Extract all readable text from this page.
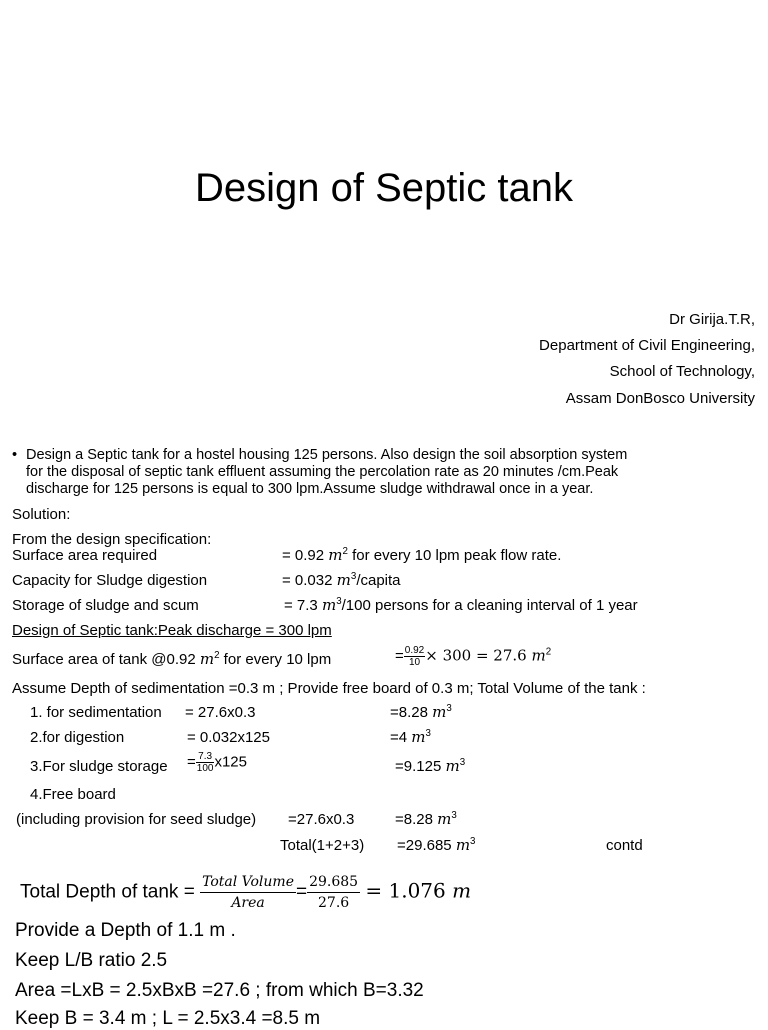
Design of Septic tank
Dr Girija.T.R,
Department of Civil Engineering,
School of Technology,
Assam DonBosco University
• Design a Septic tank for a hostel housing 125 persons. Also design the soil absorption system
for the disposal of septic tank effluent assuming the percolation rate as 20 minutes /cm.Peak
discharge for 125 persons is equal to 300 lpm.Assume sludge withdrawal once in a year.
Solution:
From the design specification:
Surface area required	= 0.92 $m^2$ for every 10 lpm peak flow rate.
Capacity for Sludge digestion	= 0.032 $m^3$/capita
Storage of sludge and scum	= 7.3 $m^3/100$ persons for a cleaning interval of 1 year
Design of Septic tank:Peak discharge = 300 lpm
Surface area of tank @0.92 $m^2$ for every 10 lpm	= $\frac{0.92}{10} \times 300 = 27.6$ $m^2$
Assume Depth of sedimentation =0.3 m ; Provide free board of 0.3 m; Total Volume of the tank :
1. for sedimentation = 27.6x0.3	=8.28 $m^3$
2.for digestion	= 0.032x125	=4 $m^3$
3.For sludge storage = $\frac{7.3}{100} x125$	=9.125 $m^3$
4.Free board
(including provision for seed sludge) =27.6x0.3	=8.28 $m^3$
Total(1+2+3) =29.685 $m^3$	contd
Total Depth of $\tan k = \frac{\text{Total Volume}}{\text{Area}} = \frac{29.685}{27.6} = 1.076$ m
Provide a Depth of 1.1 m .
Keep L/B ratio 2.5
Area =LxB = 2.5xBxB =27.6 ; from which B=3.32
Keep B = 3.4 m ; L = 2.5x3.4 =8.5 m
